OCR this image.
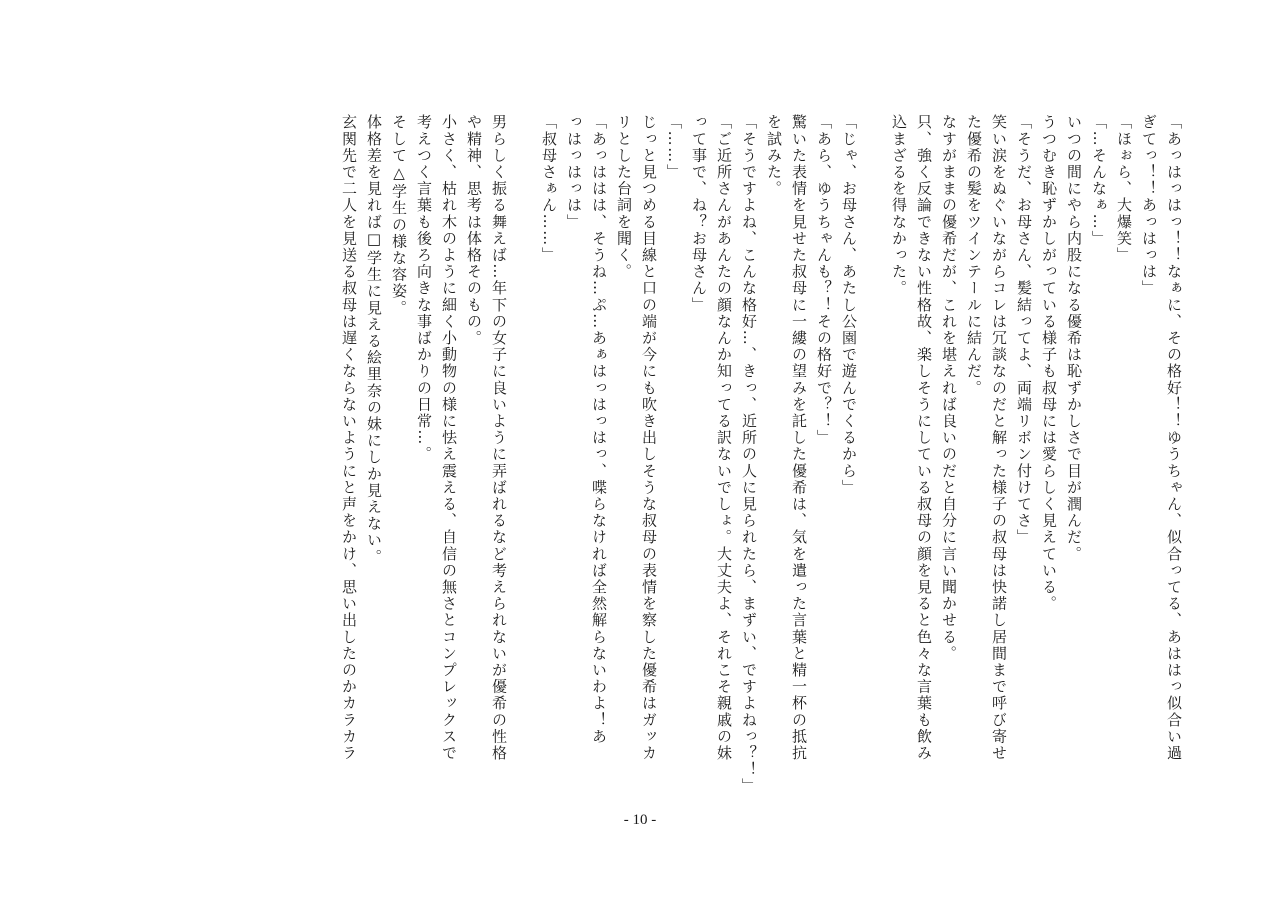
「あっはっはっ！！なぁに、その格好！！ゆうちゃん、似合ってる、あははっ似合い過
ぎてっ！！あっはっは」
「ほぉら、大爆笑」
「…そんなぁ…」
いつの間にやら内股になる優希は恥ずかしさで目が潤んだ。
うつむき恥ずかしがっている様子も叔母には愛らしく見えている。
「そうだ、お母さん、髪結ってよ、両端リボン付けてさ」
笑い涙をぬぐいながらコレは冗談なのだと解った様子の叔母は快諾し居間まで呼び寄せ
た優希の髪をツインテールに結んだ。
なすがままの優希だが、これを堪えれば良いのだと自分に言い聞かせる。
只、強く反論できない性格故、楽しそうにしている叔母の顔を見ると色々な言葉も飲み
込まざるを得なかった。
「じゃ、お母さん、あたし公園で遊んでくるから」
「あら、ゆうちゃんも？！その格好で？！」
驚いた表情を見せた叔母に一縷の望みを託した優希は、気を遣った言葉と精一杯の抵抗
を試みた。
「そうですよね、こんな格好…、きっ、近所の人に見られたら、まずい、ですよねっ？！」
「ご近所さんがあんたの顔なんか知ってる訳ないでしょ。大丈夫よ、それこそ親戚の妹
って事で、ね？お母さん」
「……」
じっと見つめる目線と口の端が今にも吹き出しそうな叔母の表情を察した優希はガッカ
リとした台詞を聞く。
「あっははは、そうね…ぷ…あぁはっはっはっ、喋らなければ全然解らないわよ！あ
っはっはっは」
「叔母さぁん……」
男らしく振る舞えば…年下の女子に良いように弄ばれるなど考えられないが優希の性格
や精神、思考は体格そのもの。
小さく、枯れ木のように細く小動物の様に怯え震える、自信の無さとコンプレックスで
考えつく言葉も後ろ向きな事ばかりの日常…。
そして△学生の様な容姿。
体格差を見れば□学生に見える絵里奈の妹にしか見えない。
玄関先で二人を見送る叔母は遅くならないようにと声をかけ、思い出したのかカラカラ
- 10 -
